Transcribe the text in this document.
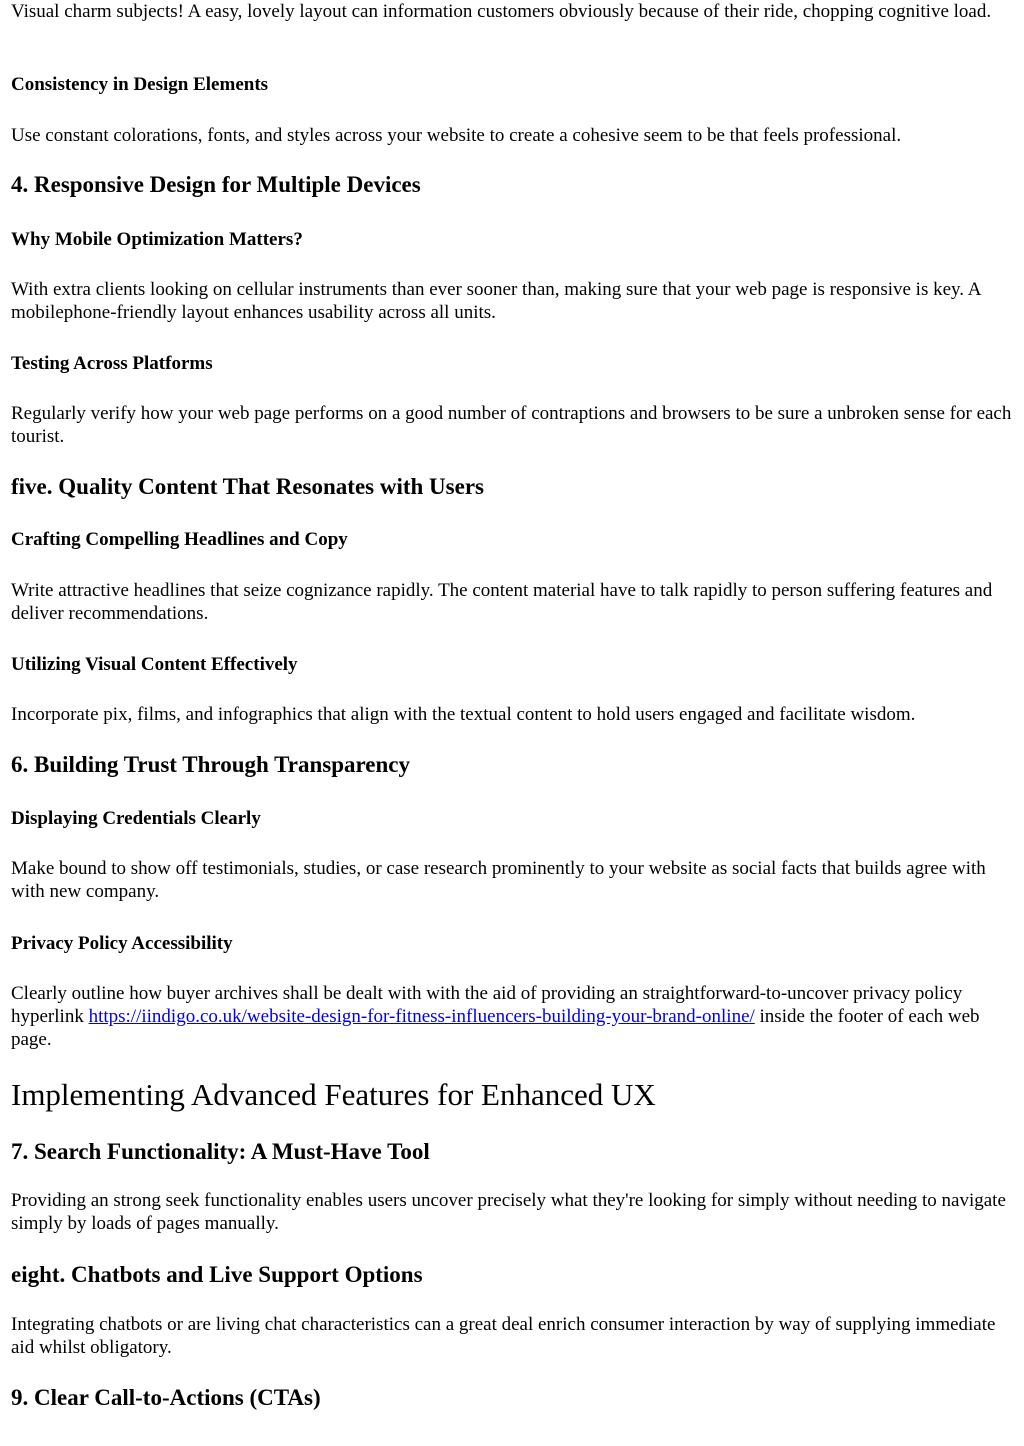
Visual charm subjects! A easy, lovely layout can information customers obviously because of their ride, chopping cognitive load.

Consistency in Design Elements

Use constant colorations, fonts, and styles across your website to create a cohesive seem to be that feels professional.

4. Responsive Design for Multiple Devices
Why Mobile Optimization Matters?

With extra clients looking on cellular instruments than ever sooner than, making sure that your web page is responsive is key. A mobilephone-friendly layout enhances usability across all units.

Testing Across Platforms

Regularly verify how your web page performs on a good number of contraptions and browsers to be sure a unbroken sense for each tourist.

five. Quality Content That Resonates with Users
Crafting Compelling Headlines and Copy

Write attractive headlines that seize cognizance rapidly. The content material have to talk rapidly to person suffering features and deliver recommendations.

Utilizing Visual Content Effectively

Incorporate pix, films, and infographics that align with the textual content to hold users engaged and facilitate wisdom.

6. Building Trust Through Transparency
Displaying Credentials Clearly

Make bound to show off testimonials, studies, or case research prominently to your website as social facts that builds agree with with new company.

Privacy Policy Accessibility

Clearly outline how buyer archives shall be dealt with with the aid of providing an straightforward-to-uncover privacy policy hyperlink https://iindigo.co.uk/website-design-for-fitness-influencers-building-your-brand-online/ inside the footer of each web page.

Implementing Advanced Features for Enhanced UX
7. Search Functionality: A Must-Have Tool

Providing an strong seek functionality enables users uncover precisely what they're looking for simply without needing to navigate simply by loads of pages manually.

eight. Chatbots and Live Support Options

Integrating chatbots or are living chat characteristics can a great deal enrich consumer interaction by way of supplying immediate aid whilst obligatory.

9. Clear Call-to-Actions (CTAs)
